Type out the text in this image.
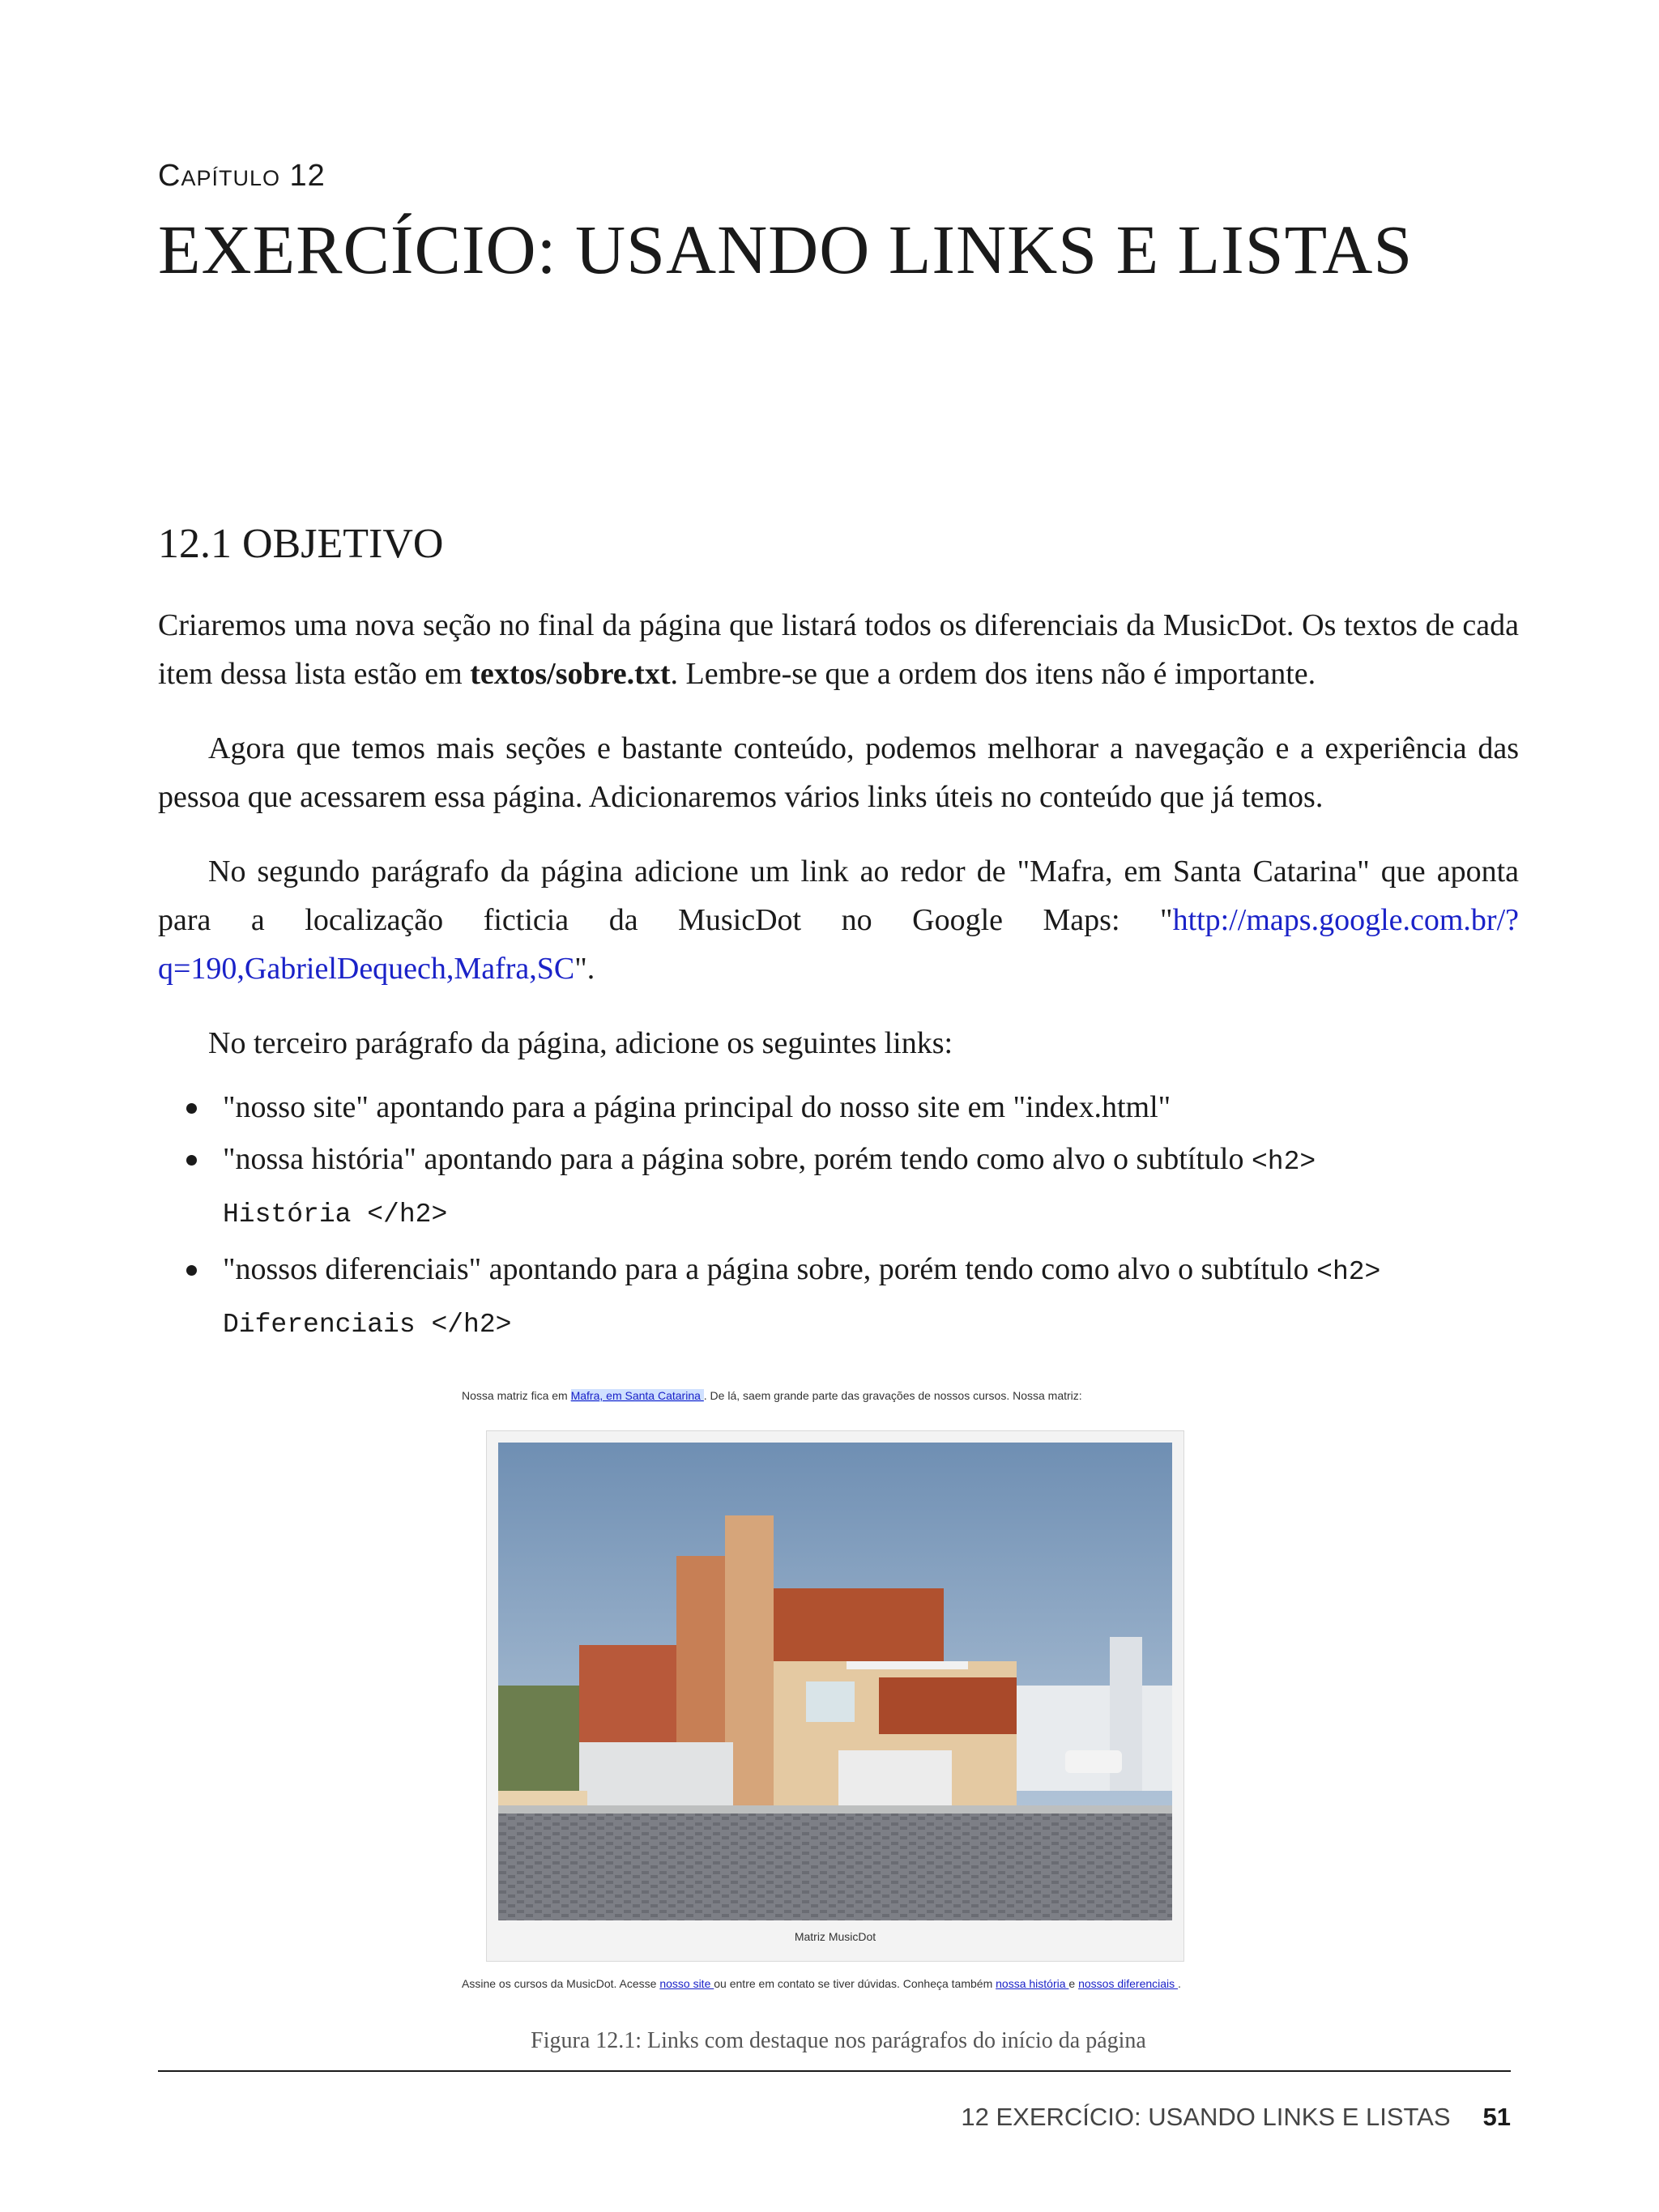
Capítulo 12
EXERCÍCIO: USANDO LINKS E LISTAS
12.1 OBJETIVO

Criaremos uma nova seção no final da página que listará todos os diferenciais da MusicDot. Os textos de cada item dessa lista estão em textos/sobre.txt. Lembre-se que a ordem dos itens não é importante.

Agora que temos mais seções e bastante conteúdo, podemos melhorar a navegação e a experiência das pessoa que acessarem essa página. Adicionaremos vários links úteis no conteúdo que já temos.

No segundo parágrafo da página adicione um link ao redor de "Mafra, em Santa Catarina" que aponta para a localização ficticia da MusicDot no Google Maps: "http://maps.google.com.br/?q=190,GabrielDequech,Mafra,SC".

No terceiro parágrafo da página, adicione os seguintes links:

"nosso site" apontando para a página principal do nosso site em "index.html"
"nossa história" apontando para a página sobre, porém tendo como alvo o subtítulo <h2>
História </h2>
"nossos diferenciais" apontando para a página sobre, porém tendo como alvo o subtítulo <h2>
Diferenciais </h2>
Nossa matriz fica em Mafra, em Santa Catarina . De lá, saem grande parte das gravações de nossos cursos. Nossa matriz:
Matriz MusicDot
Assine os cursos da MusicDot. Acesse nosso site ou entre em contato se tiver dúvidas. Conheça também nossa história e nossos diferenciais .
Figura 12.1: Links com destaque nos parágrafos do início da página
12 EXERCÍCIO: USANDO LINKS E LISTAS 51
